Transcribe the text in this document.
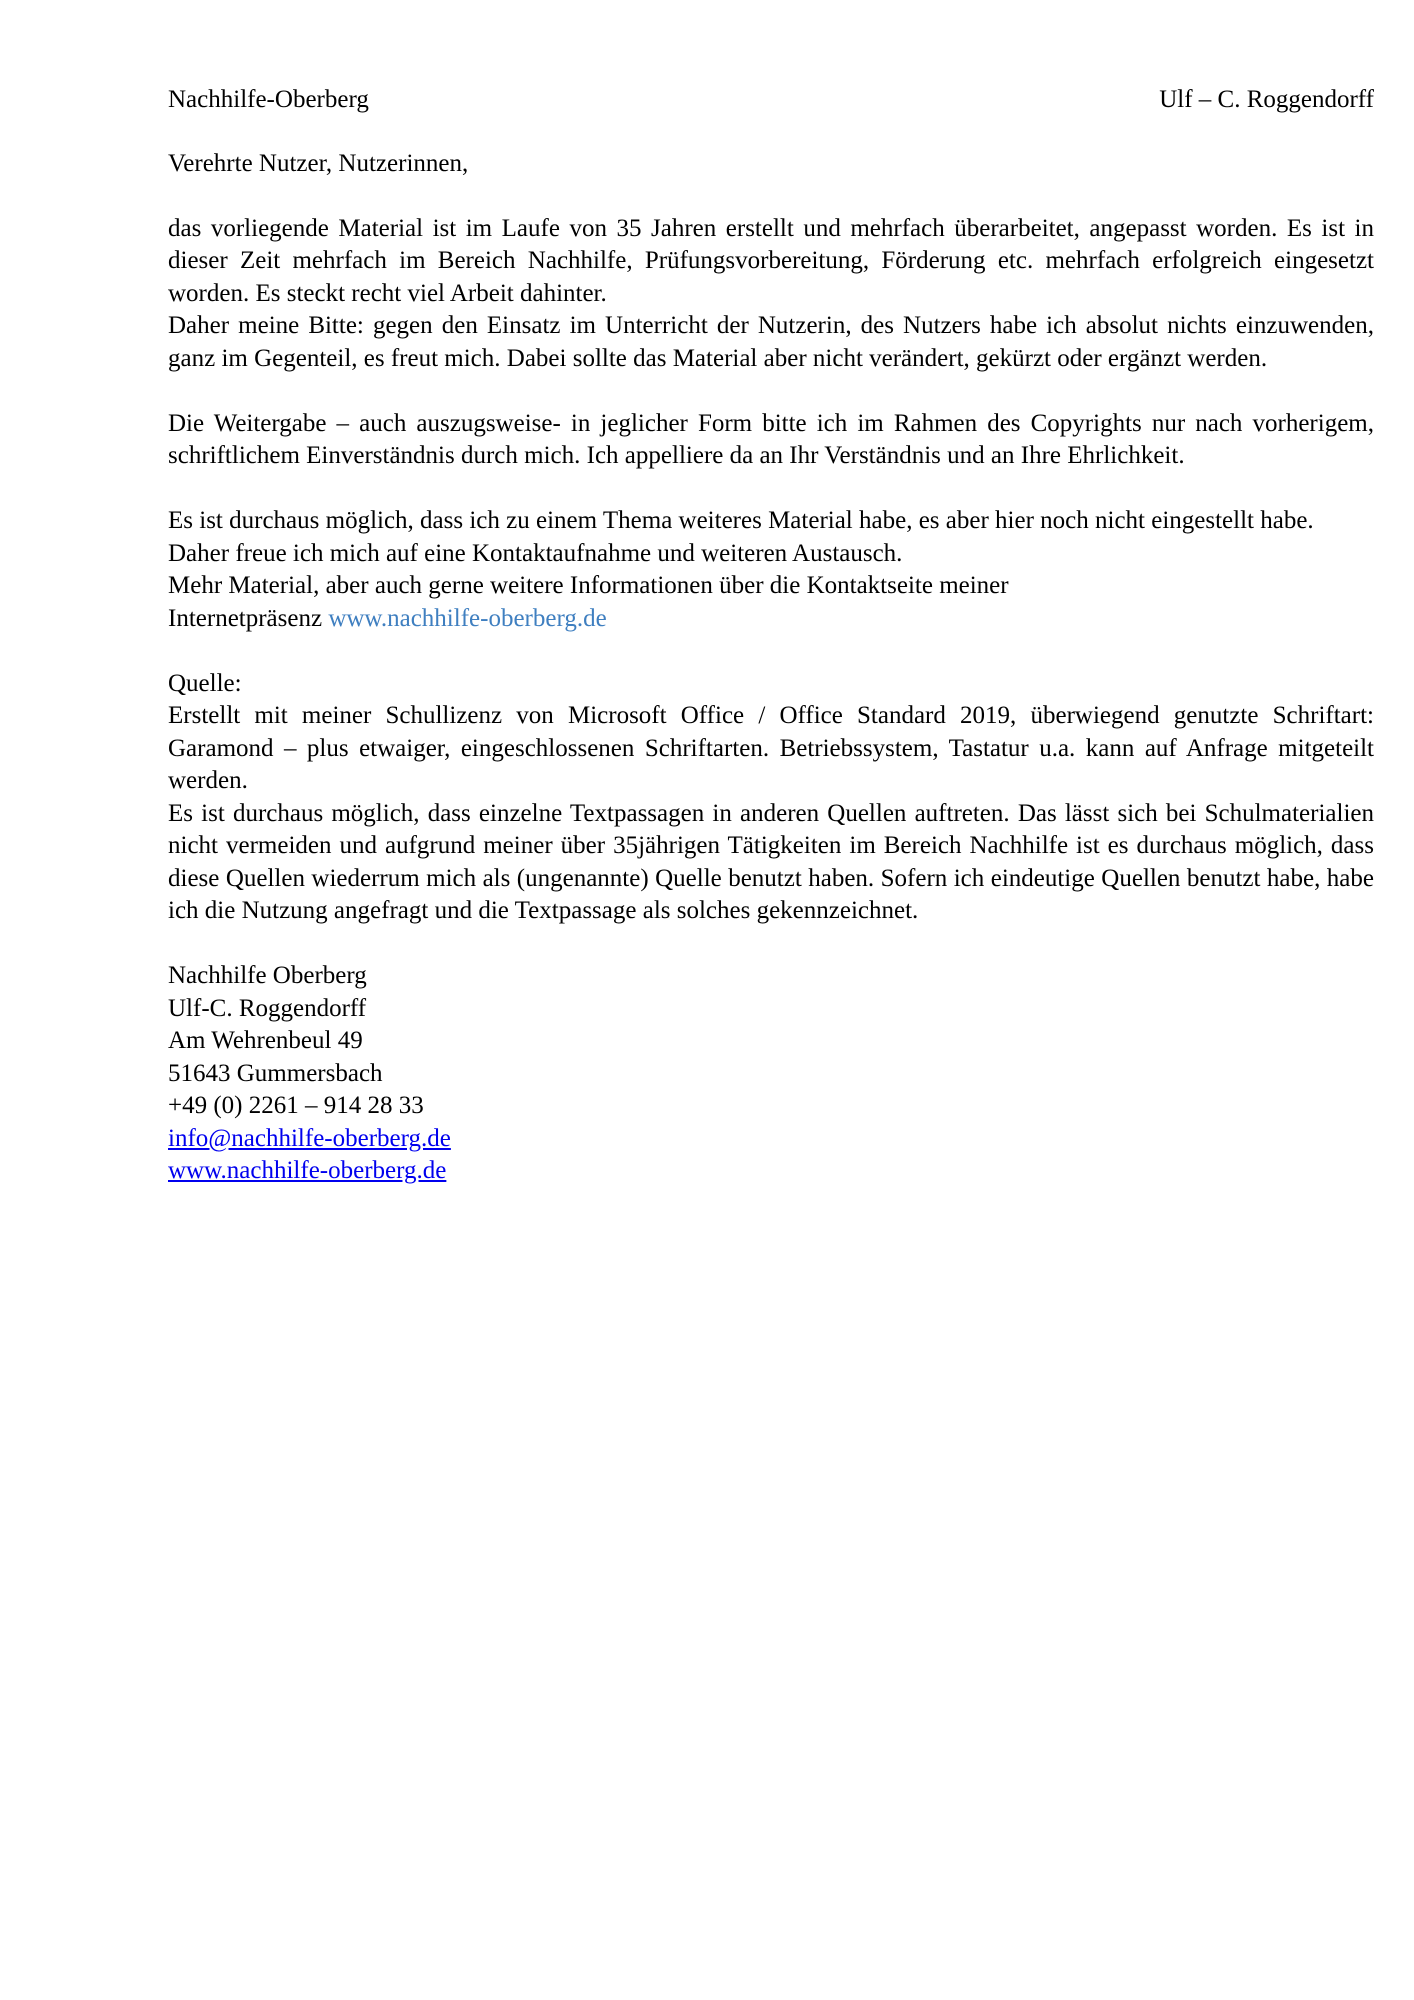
Nachhilfe-Oberberg	Ulf – C. Roggendorff

Verehrte Nutzer, Nutzerinnen,

das vorliegende Material ist im Laufe von 35 Jahren erstellt und mehrfach überarbeitet, angepasst worden. Es ist in dieser Zeit mehrfach im Bereich Nachhilfe, Prüfungsvorbereitung, Förderung etc. mehrfach erfolgreich eingesetzt worden. Es steckt recht viel Arbeit dahinter.

Daher meine Bitte: gegen den Einsatz im Unterricht der Nutzerin, des Nutzers habe ich absolut nichts einzuwenden, ganz im Gegenteil, es freut mich. Dabei sollte das Material aber nicht verändert, gekürzt oder ergänzt werden.

Die Weitergabe – auch auszugsweise- in jeglicher Form bitte ich im Rahmen des Copyrights nur nach vorherigem, schriftlichem Einverständnis durch mich. Ich appelliere da an Ihr Verständnis und an Ihre Ehrlichkeit.

Es ist durchaus möglich, dass ich zu einem Thema weiteres Material habe, es aber hier noch nicht eingestellt habe. Daher freue ich mich auf eine Kontaktaufnahme und weiteren Austausch.

Mehr Material, aber auch gerne weitere Informationen über die Kontaktseite meiner

Internetpräsenz www.nachhilfe-oberberg.de

Quelle:

Erstellt mit meiner Schullizenz von Microsoft Office / Office Standard 2019, überwiegend genutzte Schriftart: Garamond – plus etwaiger, eingeschlossenen Schriftarten. Betriebssystem, Tastatur u.a. kann auf Anfrage mitgeteilt werden.

Es ist durchaus möglich, dass einzelne Textpassagen in anderen Quellen auftreten. Das lässt sich bei Schulmaterialien nicht vermeiden und aufgrund meiner über 35jährigen Tätigkeiten im Bereich Nachhilfe ist es durchaus möglich, dass diese Quellen wiederrum mich als (ungenannte) Quelle benutzt haben. Sofern ich eindeutige Quellen benutzt habe, habe ich die Nutzung angefragt und die Textpassage als solches gekennzeichnet.

Nachhilfe Oberberg

Ulf-C. Roggendorff

Am Wehrenbeul 49

51643 Gummersbach

+49 (0) 2261 – 914 28 33

info@nachhilfe-oberberg.de

www.nachhilfe-oberberg.de
